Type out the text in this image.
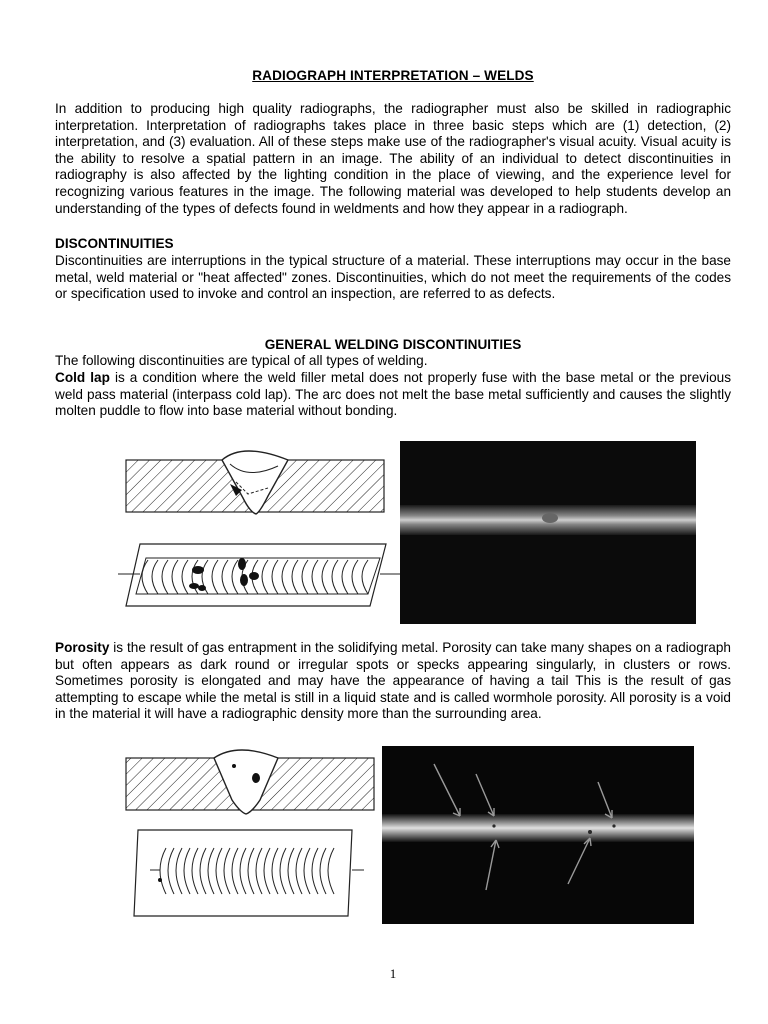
RADIOGRAPH INTERPRETATION – WELDS

In addition to producing high quality radiographs, the radiographer must also be skilled in radiographic interpretation. Interpretation of radiographs takes place in three basic steps which are (1) detection, (2) interpretation, and (3) evaluation. All of these steps make use of the radiographer's visual acuity. Visual acuity is the ability to resolve a spatial pattern in an image. The ability of an individual to detect discontinuities in radiography is also affected by the lighting condition in the place of viewing, and the experience level for recognizing various features in the image. The following material was developed to help students develop an understanding of the types of defects found in weldments and how they appear in a radiograph.

DISCONTINUITIES

Discontinuities are interruptions in the typical structure of a material. These interruptions may occur in the base metal, weld material or "heat affected" zones. Discontinuities, which do not meet the requirements of the codes or specification used to invoke and control an inspection, are referred to as defects.

GENERAL WELDING DISCONTINUITIES

The following discontinuities are typical of all types of welding.

Cold lap is a condition where the weld filler metal does not properly fuse with the base metal or the previous weld pass material (interpass cold lap). The arc does not melt the base metal sufficiently and causes the slightly molten puddle to flow into base material without bonding.

Porosity is the result of gas entrapment in the solidifying metal. Porosity can take many shapes on a radiograph but often appears as dark round or irregular spots or specks appearing singularly, in clusters or rows. Sometimes porosity is elongated and may have the appearance of having a tail This is the result of gas attempting to escape while the metal is still in a liquid state and is called wormhole porosity. All porosity is a void in the material it will have a radiographic density more than the surrounding area.

1
